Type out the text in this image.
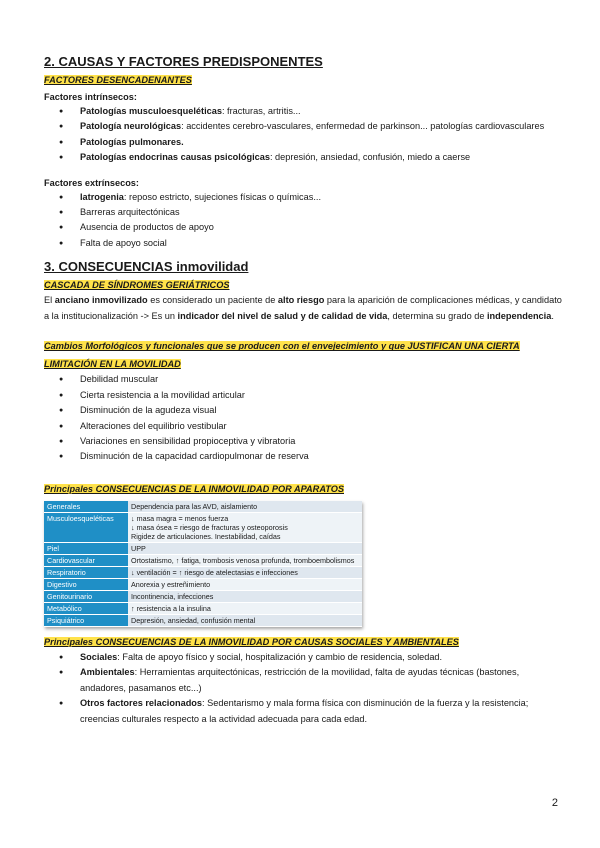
2. CAUSAS Y FACTORES PREDISPONENTES
FACTORES DESENCADENANTES
Factores intrínsecos:
● Patologías musculoesqueléticas: fracturas, artritis...
● Patología neurológicas: accidentes cerebro-vasculares, enfermedad de parkinson... patologías cardiovasculares
● Patologías pulmonares.
● Patologías endocrinas causas psicológicas: depresión, ansiedad, confusión, miedo a caerse
Factores extrínsecos:
● Iatrogenia: reposo estricto, sujeciones físicas o químicas...
● Barreras arquitectónicas
● Ausencia de productos de apoyo
● Falta de apoyo social
3. CONSECUENCIAS inmovilidad
CASCADA DE SÍNDROMES GERIÁTRICOS

El anciano inmovilizado es considerado un paciente de alto riesgo para la aparición de complicaciones médicas, y candidato a la institucionalización -> Es un indicador del nivel de salud y de calidad de vida, determina su grado de independencia.

Cambios Morfológicos y funcionales que se producen con el envejecimiento y que JUSTIFICAN UNA CIERTA LIMITACIÓN EN LA MOVILIDAD
● Debilidad muscular
● Cierta resistencia a la movilidad articular
● Disminución de la agudeza visual
● Alteraciones del equilibrio vestibular
● Variaciones en sensibilidad propioceptiva y vibratoria
● Disminución de la capacidad cardiopulmonar de reserva
Principales CONSECUENCIAS DE LA INMOVILIDAD POR APARATOS
Generales	Dependencia para las AVD, aislamiento
Musculoesqueléticas	↓ masa magra = menos fuerza
↓ masa ósea = riesgo de fracturas y osteoporosis
Rigidez de articulaciones. Inestabilidad, caídas
Piel	UPP
Cardiovascular	Ortostatismo, ↑ fatiga, trombosis venosa profunda, tromboembolismos
Respiratorio	↓ ventilación = ↑ riesgo de atelectasias e infecciones
Digestivo	Anorexia y estreñimiento
Genitourinario	Incontinencia, infecciones
Metabólico	↑ resistencia a la insulina
Psiquiátrico	Depresión, ansiedad, confusión mental
Principales CONSECUENCIAS DE LA INMOVILIDAD POR CAUSAS SOCIALES Y AMBIENTALES
● Sociales: Falta de apoyo físico y social, hospitalización y cambio de residencia, soledad.
● Ambientales: Herramientas arquitectónicas, restricción de la movilidad, falta de ayudas técnicas (bastones, andadores, pasamanos etc...)
● Otros factores relacionados: Sedentarismo y mala forma física con disminución de la fuerza y la resistencia; creencias culturales respecto a la actividad adecuada para cada edad.
2
